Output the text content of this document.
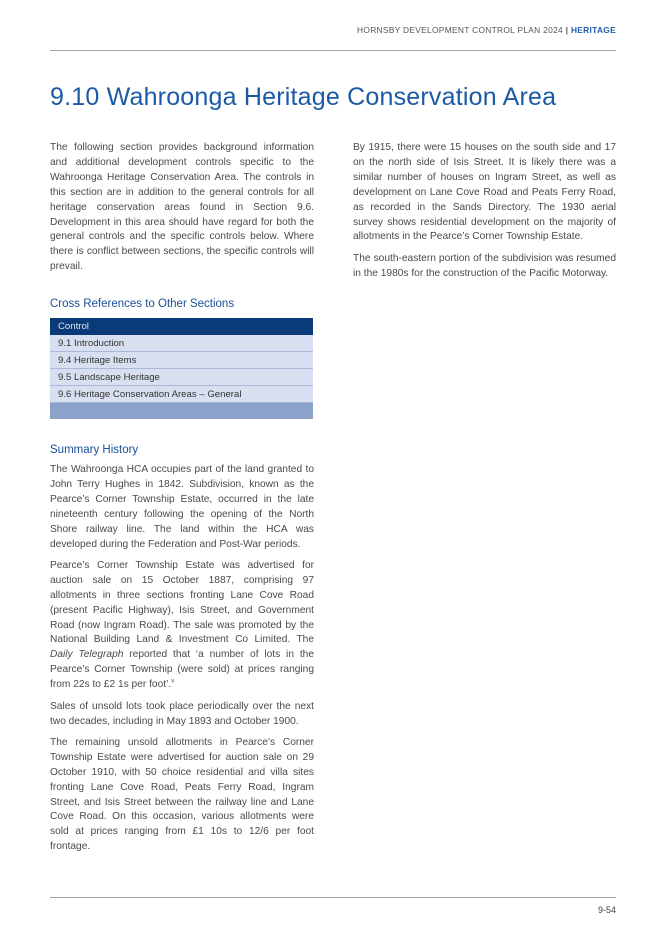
HORNSBY DEVELOPMENT CONTROL PLAN 2024 | HERITAGE
9.10 Wahroonga Heritage Conservation Area

The following section provides background information and additional development controls specific to the Wahroonga Heritage Conservation Area. The controls in this section are in addition to the general controls for all heritage conservation areas found in Section 9.6. Development in this area should have regard for both the general controls and the specific controls below. Where there is conflict between sections, the specific controls will prevail.

Cross References to Other Sections
Control
9.1 Introduction
9.4 Heritage Items
9.5 Landscape Heritage
9.6 Heritage Conservation Areas – General

Summary History

The Wahroonga HCA occupies part of the land granted to John Terry Hughes in 1842. Subdivision, known as the Pearce’s Corner Township Estate, occurred in the late nineteenth century following the opening of the North Shore railway line. The land within the HCA was developed during the Federation and Post-War periods.

Pearce’s Corner Township Estate was advertised for auction sale on 15 October 1887, comprising 97 allotments in three sections fronting Lane Cove Road (present Pacific Highway), Isis Street, and Government Road (now Ingram Road). The sale was promoted by the National Building Land & Investment Co Limited. The Daily Telegraph reported that ‘a number of lots in the Pearce’s Corner Township (were sold) at prices ranging from 22s to £2 1s per foot’.$^v$

Sales of unsold lots took place periodically over the next two decades, including in May 1893 and October 1900.

The remaining unsold allotments in Pearce’s Corner Township Estate were advertised for auction sale on 29 October 1910, with 50 choice residential and villa sites fronting Lane Cove Road, Peats Ferry Road, Ingram Street, and Isis Street between the railway line and Lane Cove Road. On this occasion, various allotments were sold at prices ranging from £1 10s to 12/6 per foot frontage.

By 1915, there were 15 houses on the south side and 17 on the north side of Isis Street. It is likely there was a similar number of houses on Ingram Street, as well as development on Lane Cove Road and Peats Ferry Road, as recorded in the Sands Directory. The 1930 aerial survey shows residential development on the majority of allotments in the Pearce’s Corner Township Estate.

The south-eastern portion of the subdivision was resumed in the 1980s for the construction of the Pacific Motorway.

9-54
